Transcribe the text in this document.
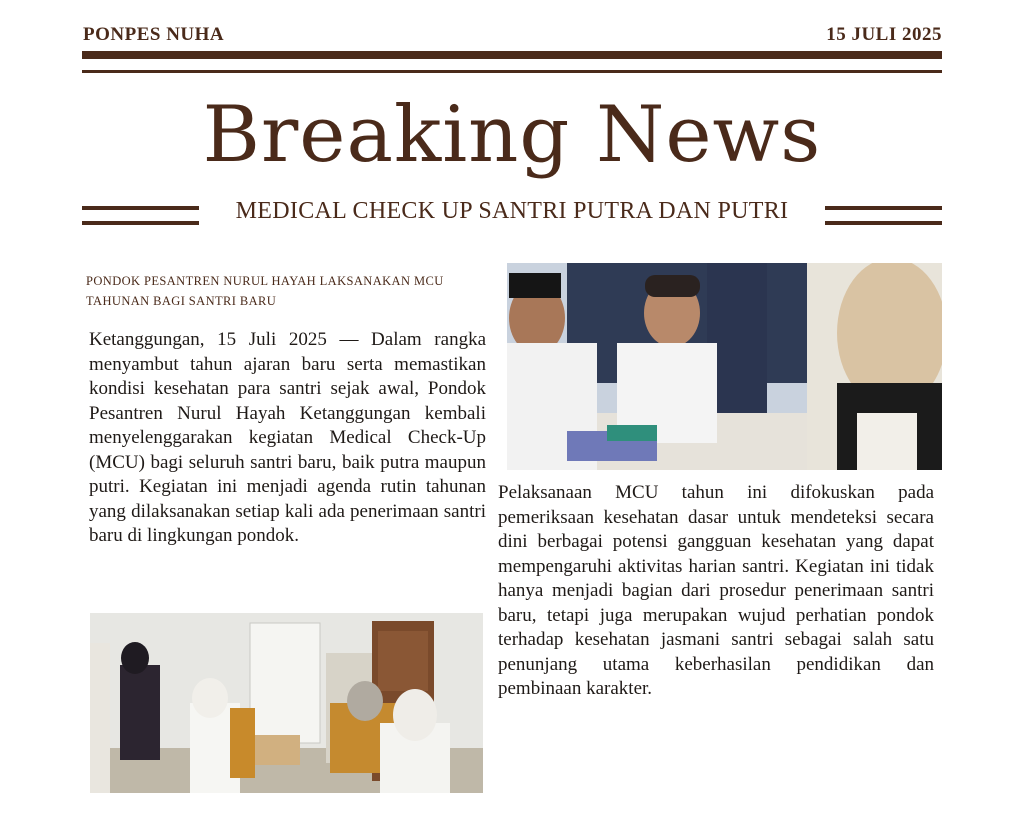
PONPES NUHA	15 JULI 2025
Breaking News
MEDICAL CHECK UP SANTRI PUTRA DAN PUTRI
PONDOK PESANTREN NURUL HAYAH LAKSANAKAN MCU TAHUNAN BAGI SANTRI BARU
Ketanggungan, 15 Juli 2025 — Dalam rangka menyambut tahun ajaran baru serta memastikan kondisi kesehatan para santri sejak awal, Pondok Pesantren Nurul Hayah Ketanggungan kembali menyelenggarakan kegiatan Medical Check-Up (MCU) bagi seluruh santri baru, baik putra maupun putri. Kegiatan ini menjadi agenda rutin tahunan yang dilaksanakan setiap kali ada penerimaan santri baru di lingkungan pondok.
Pelaksanaan MCU tahun ini difokuskan pada pemeriksaan kesehatan dasar untuk mendeteksi secara dini berbagai potensi gangguan kesehatan yang dapat mempengaruhi aktivitas harian santri. Kegiatan ini tidak hanya menjadi bagian dari prosedur penerimaan santri baru, tetapi juga merupakan wujud perhatian pondok terhadap kesehatan jasmani santri sebagai salah satu penunjang utama keberhasilan pendidikan dan pembinaan karakter.
